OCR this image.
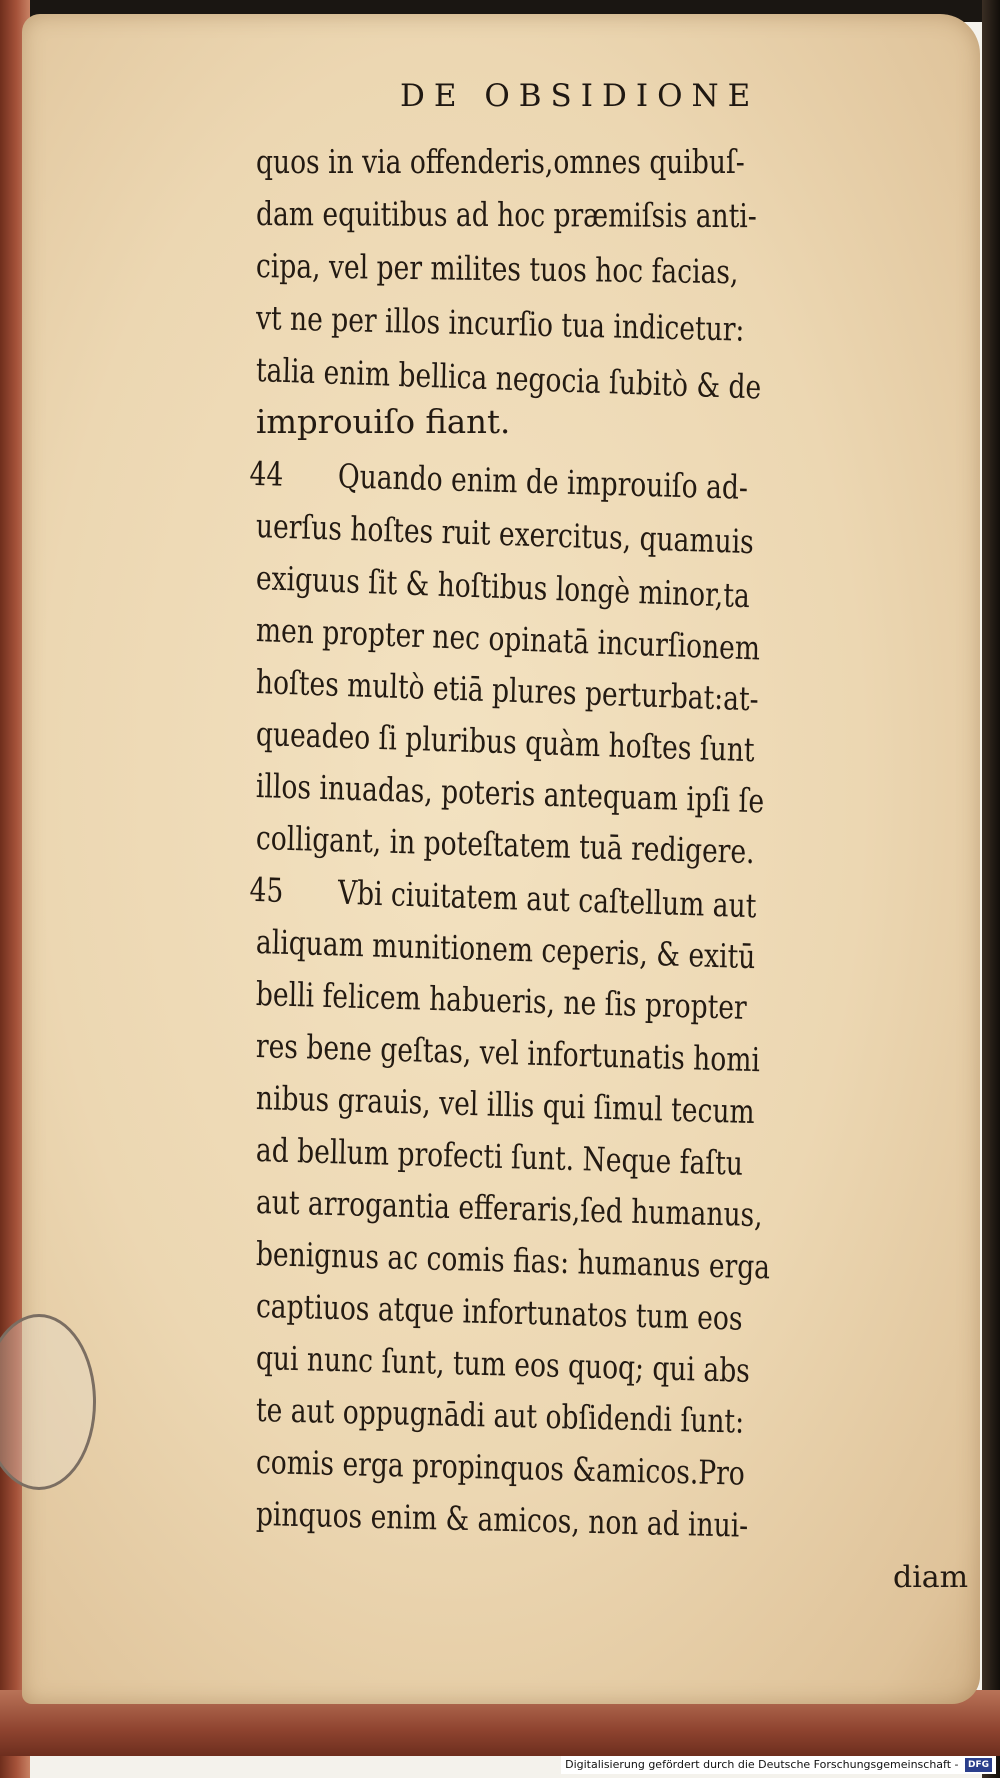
DE OBSIDIONE
quos in via offenderis,omnes quibuſ-
dam equitibus ad hoc præmiſsis anti-
cipa, vel per milites tuos hoc facias,
vt ne per illos incurſio tua indicetur:
talia enim bellica negocia ſubitò & de
improuiſo fiant.
44 Quando enim de improuiſo ad-
uerſus hoſtes ruit exercitus, quamuis
exiguus ſit & hoſtibus longè minor,ta
men propter nec opinatā incurſionem
hoſtes multò etiā plures perturbat:at-
queadeo ſi pluribus quàm hoſtes ſunt
illos inuadas, poteris antequam ipſi ſe
colligant, in poteſtatem tuā redigere.
45 Vbi ciuitatem aut caſtellum aut
aliquam munitionem ceperis, & exitū
belli felicem habueris, ne ſis propter
res bene geſtas, vel infortunatis homi
nibus grauis, vel illis qui ſimul tecum
ad bellum profecti ſunt. Neque faſtu
aut arrogantia efferaris,ſed humanus,
benignus ac comis fias: humanus erga
captiuos atque infortunatos tum eos
qui nunc ſunt, tum eos quoq; qui abs
te aut oppugnādi aut obſidendi ſunt:
comis erga propinquos &amicos.Pro
pinquos enim & amicos, non ad inui-
diam
Digitalisierung gefördert durch die Deutsche Forschungsgemeinschaft - DFG
